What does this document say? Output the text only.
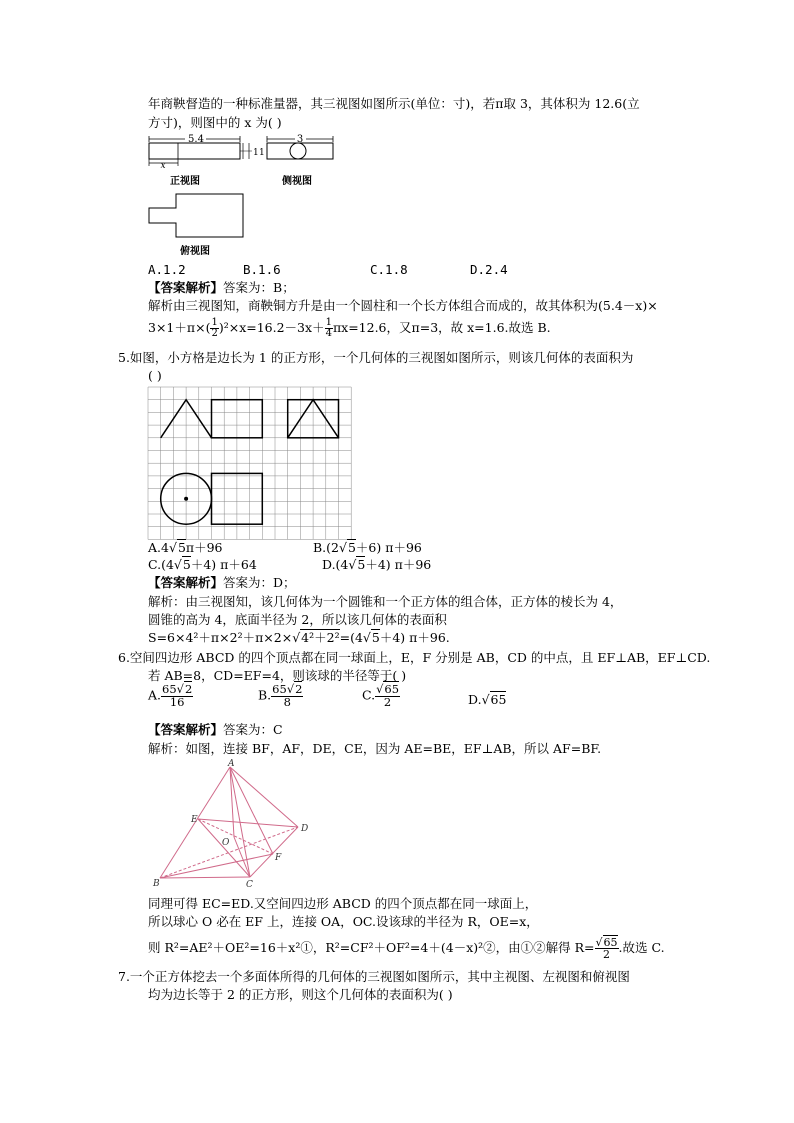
年商鞅督造的一种标准量器，其三视图如图所示(单位：寸)，若π取 3，其体积为 12.6(立
方寸)，则图中的 x 为( )
5.4
x
1 1
3
正视图	侧视图
俯视图
A.1.2	B.1.6	C.1.8	D.2.4
【答案解析】答案为：B；
解析由三视图知，商鞅铜方升是由一个圆柱和一个长方体组合而成的，故其体积为(5.4－x)×
$3\times 1+\pi\times( \frac{1}{2} )^2\times x=16.2-3x+ \frac{1}{4} \pi x=12.6$，又π=3，故 x=1.6.故选 B.
5.如图，小方格是边长为 1 的正方形，一个几何体的三视图如图所示，则该几何体的表面积为
( )
A.4√5π＋96	B.(2√5＋6) π＋96
C.(4√5＋4) π＋64	D.(4√5＋4) π＋96
【答案解析】答案为：D；
解析：由三视图知，该几何体为一个圆锥和一个正方体的组合体，正方体的棱长为 4，
圆锥的高为 4，底面半径为 2，所以该几何体的表面积
S=6×4²＋π×2²＋π×2×√4²＋2²=(4√5＋4) π＋96.
6.空间四边形 ABCD 的四个顶点都在同一球面上，E，F 分别是 AB，CD 的中点，且 EF⊥AB，EF⊥CD.
若 AB=8，CD=EF=4，则该球的半径等于( )
A. $\frac{65√2}{16}$	B. $\frac{65√2}{8}$	C. $\frac{√65}{2}$	D.√65
【答案解析】答案为：C
解析：如图，连接 BF，AF，DE，CE，因为 AE=BE，EF⊥AB，所以 AF=BF.
A
B	C
D
E
F
O
同理可得 EC=ED.又空间四边形 ABCD 的四个顶点都在同一球面上，
所以球心 O 必在 EF 上，连接 OA，OC.设该球的半径为 R，OE=x，
则 R²=AE²＋OE²=16＋x²①，R²=CF²＋OF²=4＋(4－x)²②，由①②解得 $R= \frac{√65}{2}$ .故选 C.
7.一个正方体挖去一个多面体所得的几何体的三视图如图所示，其中主视图、左视图和俯视图
均为边长等于 2 的正方形，则这个几何体的表面积为( )
